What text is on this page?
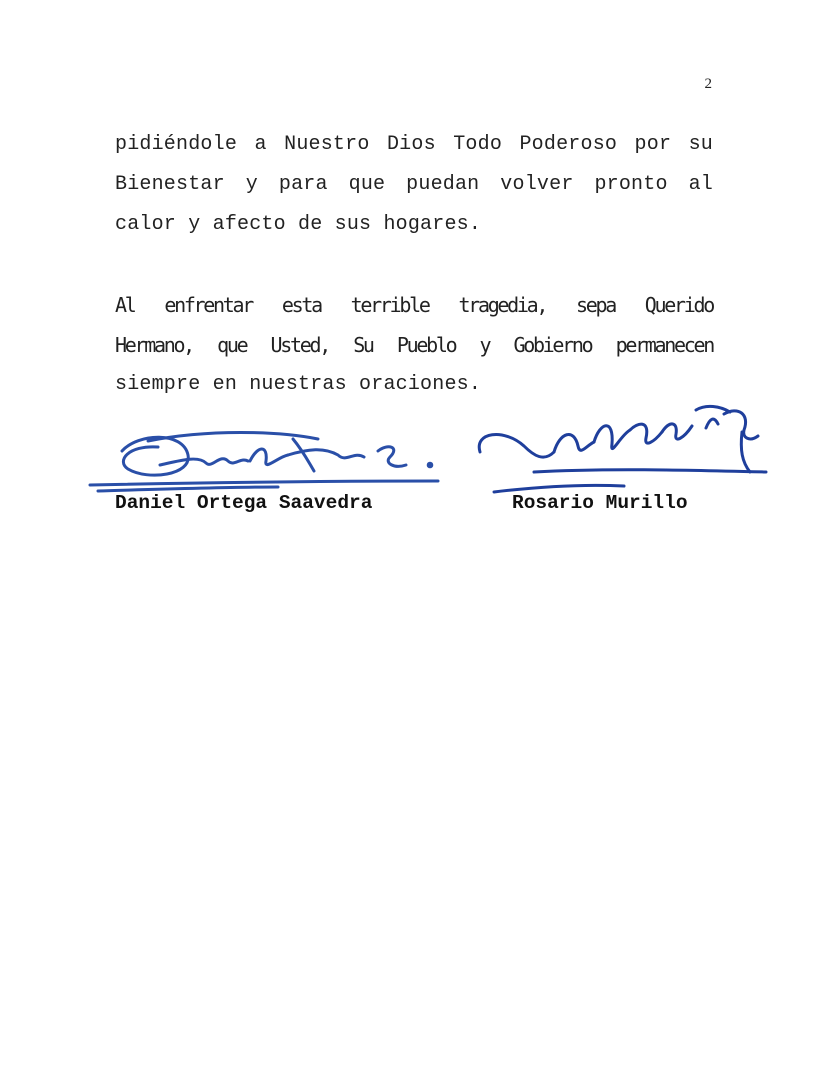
2
pidiéndole a Nuestro Dios Todo Poderoso por su
Bienestar y para que puedan volver pronto al
calor y afecto de sus hogares.
Al enfrentar esta terrible tragedia, sepa Querido
Hermano, que Usted, Su Pueblo y Gobierno permanecen
siempre en nuestras oraciones.
Daniel Ortega Saavedra	Rosario Murillo
